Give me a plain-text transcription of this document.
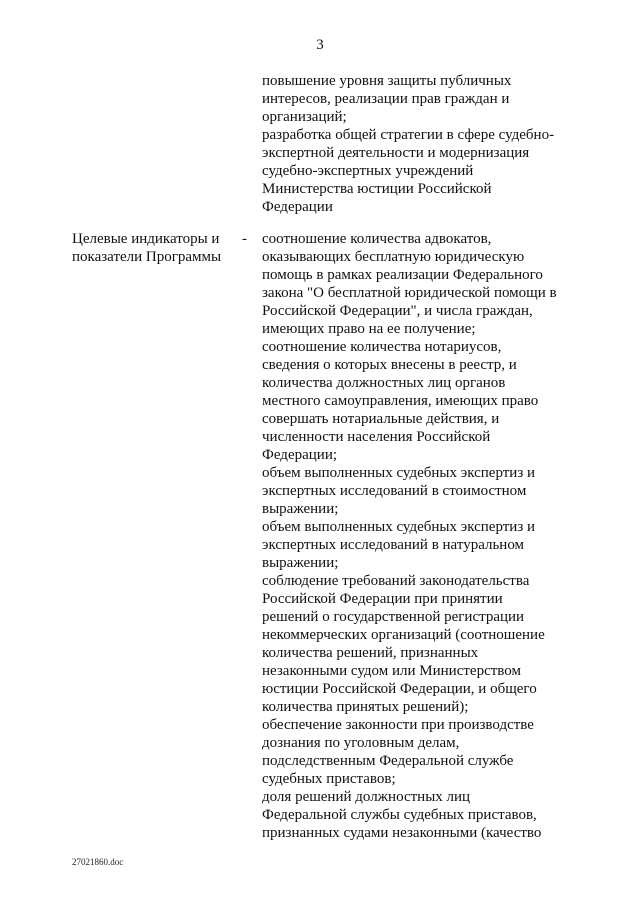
3
повышение уровня защиты публичных
интересов, реализации прав граждан и
организаций;
разработка общей стратегии в сфере судебно-
экспертной деятельности и модернизация
судебно-экспертных учреждений
Министерства юстиции Российской
Федерации
Целевые индикаторы и
показатели Программы
- соотношение количества адвокатов,
оказывающих бесплатную юридическую
помощь в рамках реализации Федерального
закона "О бесплатной юридической помощи в
Российской Федерации", и числа граждан,
имеющих право на ее получение;
соотношение количества нотариусов,
сведения о которых внесены в реестр, и
количества должностных лиц органов
местного самоуправления, имеющих право
совершать нотариальные действия, и
численности населения Российской
Федерации;
объем выполненных судебных экспертиз и
экспертных исследований в стоимостном
выражении;
объем выполненных судебных экспертиз и
экспертных исследований в натуральном
выражении;
соблюдение требований законодательства
Российской Федерации при принятии
решений о государственной регистрации
некоммерческих организаций (соотношение
количества решений, признанных
незаконными судом или Министерством
юстиции Российской Федерации, и общего
количества принятых решений);
обеспечение законности при производстве
дознания по уголовным делам,
подследственным Федеральной службе
судебных приставов;
доля решений должностных лиц
Федеральной службы судебных приставов,
признанных судами незаконными (качество
27021860.doc
